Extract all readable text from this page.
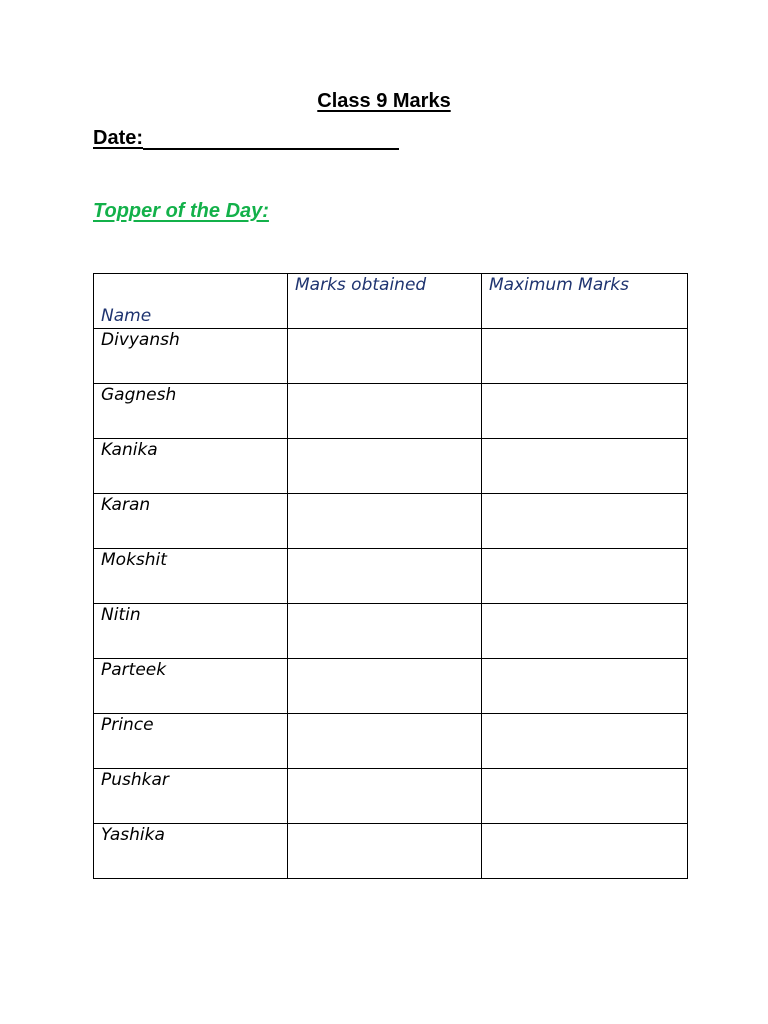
Class 9 Marks
Date:

Topper of the Day:

Name	Marks obtained	Maximum Marks
Divyansh		
Gagnesh		
Kanika		
Karan		
Mokshit		
Nitin		
Parteek		
Prince		
Pushkar		
Yashika		
